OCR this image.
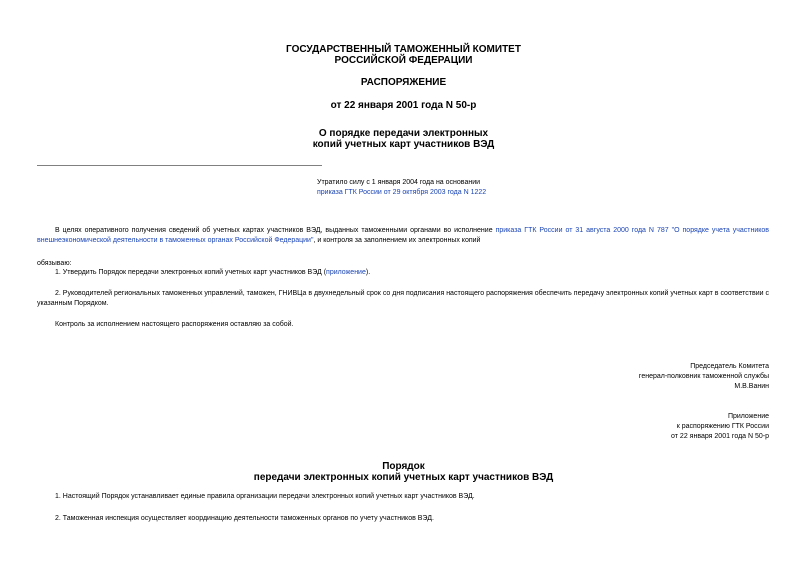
ГОСУДАРСТВЕННЫЙ ТАМОЖЕННЫЙ КОМИТЕТ
РОССИЙСКОЙ ФЕДЕРАЦИИ
РАСПОРЯЖЕНИЕ
от 22 января 2001 года N 50-р
О порядке передачи электронных
копий учетных карт участников ВЭД
Утратило силу с 1 января 2004 года на основании
приказа ГТК России от 29 октября 2003 года N 1222
В целях оперативного получения сведений об учетных картах участников ВЭД, выданных таможенными органами во исполнение приказа ГТК России от 31 августа 2000 года N 787 "О порядке учета участников внешнеэкономической деятельности в таможенных органах Российской Федерации", и контроля за заполнением их электронных копий
обязываю:
1. Утвердить Порядок передачи электронных копий учетных карт участников ВЭД (приложение).
2. Руководителей региональных таможенных управлений, таможен, ГНИВЦа в двухнедельный срок со дня подписания настоящего распоряжения обеспечить передачу электронных копий учетных карт в соответствии с указанным Порядком.
Контроль за исполнением настоящего распоряжения оставляю за собой.
Председатель Комитета
генерал-полковник таможенной службы
М.В.Ванин
Приложение
к распоряжению ГТК России
от 22 января 2001 года N 50-р
Порядок
передачи электронных копий учетных карт участников ВЭД
1. Настоящий Порядок устанавливает единые правила организации передачи электронных копий учетных карт участников ВЭД.
2. Таможенная инспекция осуществляет координацию деятельности таможенных органов по учету участников ВЭД.
